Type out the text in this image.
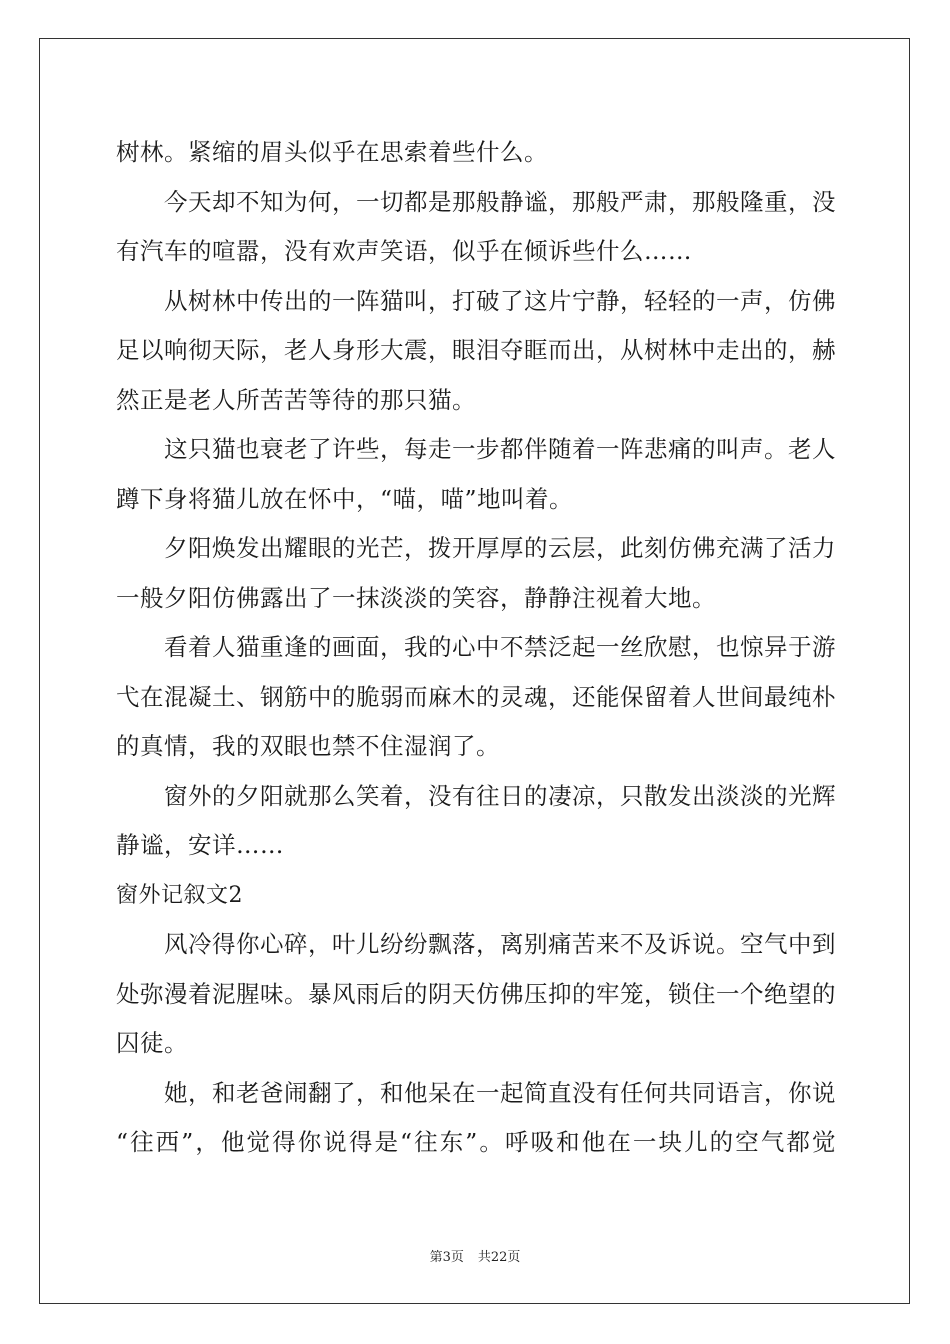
树林。紧缩的眉头似乎在思索着些什么。
今天却不知为何，一切都是那般静谧，那般严肃，那般隆重，没
有汽车的喧嚣，没有欢声笑语，似乎在倾诉些什么……
从树林中传出的一阵猫叫，打破了这片宁静，轻轻的一声，仿佛
足以响彻天际，老人身形大震，眼泪夺眶而出，从树林中走出的，赫
然正是老人所苦苦等待的那只猫。
这只猫也衰老了许些，每走一步都伴随着一阵悲痛的叫声。老人
蹲下身将猫儿放在怀中，“喵，喵”地叫着。
夕阳焕发出耀眼的光芒，拨开厚厚的云层，此刻仿佛充满了活力
一般夕阳仿佛露出了一抹淡淡的笑容，静静注视着大地。
看着人猫重逢的画面，我的心中不禁泛起一丝欣慰，也惊异于游
弋在混凝土、钢筋中的脆弱而麻木的灵魂，还能保留着人世间最纯朴
的真情，我的双眼也禁不住湿润了。
窗外的夕阳就那么笑着，没有往日的凄凉，只散发出淡淡的光辉
静谧，安详……
窗外记叙文2
风冷得你心碎，叶儿纷纷飘落，离别痛苦来不及诉说。空气中到
处弥漫着泥腥味。暴风雨后的阴天仿佛压抑的牢笼，锁住一个绝望的
囚徒。
她，和老爸闹翻了，和他呆在一起简直没有任何共同语言，你说
“往西”，他觉得你说得是“往东”。呼吸和他在一块儿的空气都觉
第3页 共22页
